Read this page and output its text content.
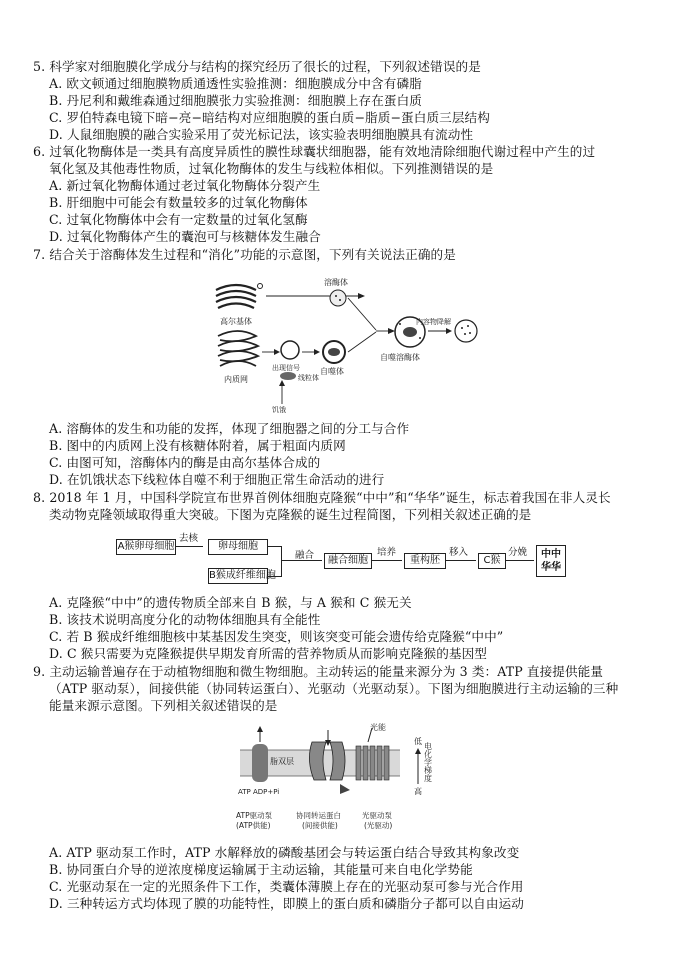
5. 科学家对细胞膜化学成分与结构的探究经历了很长的过程，下列叙述错误的是
A. 欧文顿通过细胞膜物质通透性实验推测：细胞膜成分中含有磷脂
B. 丹尼利和戴维森通过细胞膜张力实验推测：细胞膜上存在蛋白质
C. 罗伯特森电镜下暗−亮−暗结构对应细胞膜的蛋白质−脂质−蛋白质三层结构
D. 人鼠细胞膜的融合实验采用了荧光标记法，该实验表明细胞膜具有流动性
6. 过氧化物酶体是一类具有高度异质性的膜性球囊状细胞器，能有效地清除细胞代谢过程中产生的过
氧化氢及其他毒性物质，过氧化物酶体的发生与线粒体相似。下列推测错误的是
A. 新过氧化物酶体通过老过氧化物酶体分裂产生
B. 肝细胞中可能会有数量较多的过氧化物酶体
C. 过氧化物酶体中会有一定数量的过氧化氢酶
D. 过氧化物酶体产生的囊泡可与核糖体发生融合
7. 结合关于溶酶体发生过程和“消化”功能的示意图，下列有关说法正确的是
高尔基体
溶酶体
内质网
自噬体
出现信号
线粒体
饥饿
自噬溶酶体
内容物降解
A. 溶酶体的发生和功能的发挥，体现了细胞器之间的分工与合作
B. 图中的内质网上没有核糖体附着，属于粗面内质网
C. 由图可知，溶酶体内的酶是由高尔基体合成的
D. 在饥饿状态下线粒体自噬不利于细胞正常生命活动的进行
8. 2018 年 1 月，中国科学院宣布世界首例体细胞克隆猴“中中”和“华华”诞生，标志着我国在非人灵长
类动物克隆领域取得重大突破。下图为克隆猴的诞生过程简图，下列相关叙述正确的是
A猴卵母细胞
去核
卵母细胞
B猴成纤维细胞
融合	融合细胞
培养
重构胚
移入
C猴
分娩	中中华华
A. 克隆猴“中中”的遗传物质全部来自 B 猴，与 A 猴和 C 猴无关
B. 该技术说明高度分化的动物体细胞具有全能性
C. 若 B 猴成纤维细胞核中某基因发生突变，则该突变可能会遗传给克隆猴“中中”
D. C 猴只需要为克隆猴提供早期发育所需的营养物质从而影响克隆猴的基因型
9. 主动运输普遍存在于动植物细胞和微生物细胞。主动转运的能量来源分为 3 类：ATP 直接提供能量
（ATP 驱动泵），间接供能（协同转运蛋白）、光驱动（光驱动泵）。下图为细胞膜进行主动运输的三种
能量来源示意图。下列相关叙述错误的是
脂双层
ATP ADP+Pi
光能
低
高
电化学梯度
ATP驱动泵
(ATP供能)
协同转运蛋白
(间接供能)
光驱动泵
(光驱动)
A. ATP 驱动泵工作时，ATP 水解释放的磷酸基团会与转运蛋白结合导致其构象改变
B. 协同蛋白介导的逆浓度梯度运输属于主动运输，其能量可来自电化学势能
C. 光驱动泵在一定的光照条件下工作，类囊体薄膜上存在的光驱动泵可参与光合作用
D. 三种转运方式均体现了膜的功能特性，即膜上的蛋白质和磷脂分子都可以自由运动
